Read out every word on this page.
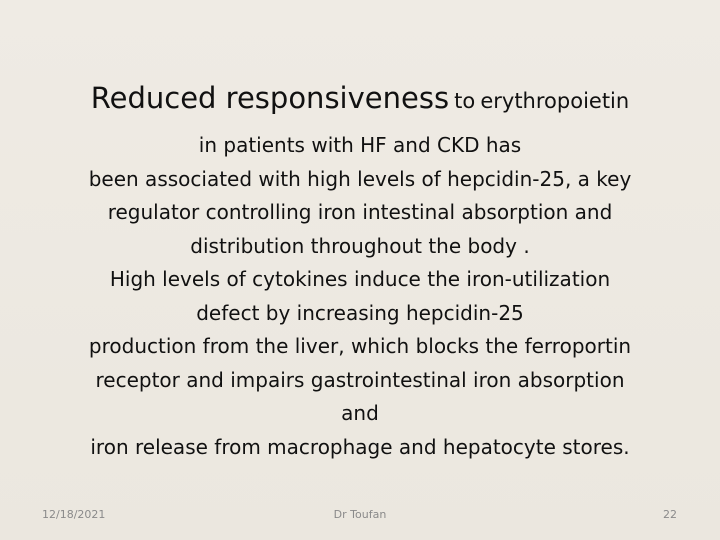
Reduced responsiveness to erythropoietin

in patients with HF and CKD has

been associated with high levels of hepcidin-25, a key

regulator controlling iron intestinal absorption and

distribution throughout the body .

High levels of cytokines induce the iron-utilization

defect by increasing hepcidin-25

production from the liver, which blocks the ferroportin

receptor and impairs gastrointestinal iron absorption

and

iron release from macrophage and hepatocyte stores.

12/18/2021	Dr Toufan	22
